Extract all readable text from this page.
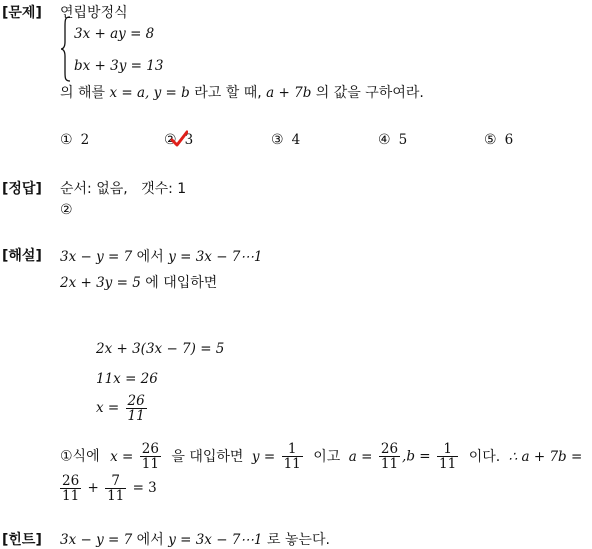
[문제] 연립방정식
3x + ay = 8
bx + 3y = 13
의 해를 x = a, y = b 라고 할 때, a + 7b 의 값을 구하여라.
① 2	② 3	③ 4	④ 5	⑤ 6
[정답] 순서: 없음,   갯수: 1
②
[해설] 3x − y = 7 에서 y = 3x − 7⋯1
2x + 3y = 5 에 대입하면
2x + 3(3x − 7) = 5
11x = 26
$x = \frac{26}{11}$
①식에 $x = \frac{26}{11}$ 을 대입하면 $y = \frac{1}{11}$ 이고 $a = \frac{26}{11} ,b = \frac{1}{11}$ 이다. ∴ a + 7b =
$\frac{26}{11} + \frac{7}{11} = 3$
[힌트] 3x − y = 7 에서 y = 3x − 7⋯1 로 놓는다.
